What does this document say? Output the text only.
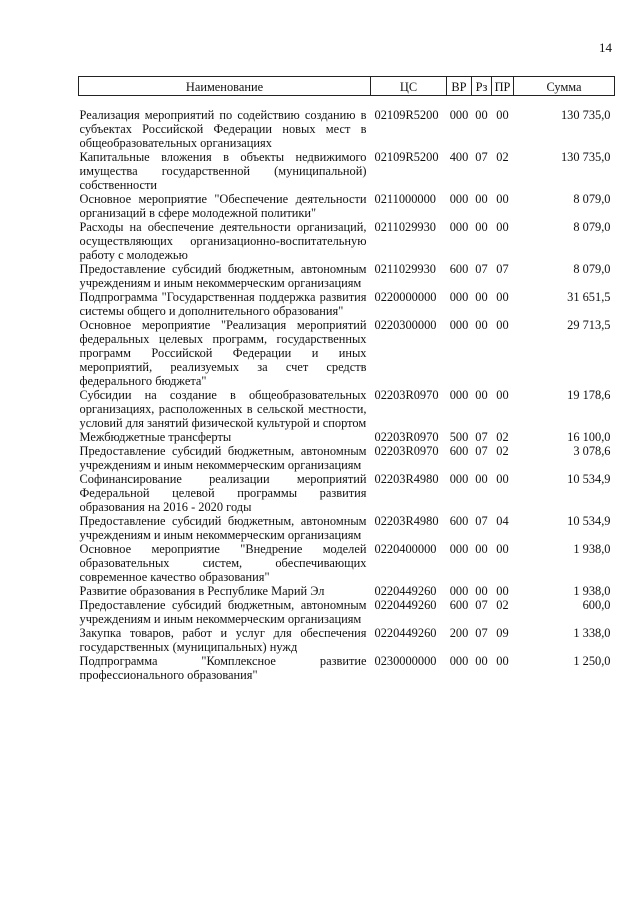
14
Наименование	ЦС	ВР	Рз	ПР	Сумма
Реализация мероприятий по содействию созданию в субъектах Российской Федерации новых мест в общеобразовательных организациях	02109R5200	000	00	00	130 735,0
Капитальные вложения в объекты недвижимого имущества государственной (муниципальной) собственности	02109R5200	400	07	02	130 735,0
Основное мероприятие "Обеспечение деятельности организаций в сфере молодежной политики"	0211000000	000	00	00	8 079,0
Расходы на обеспечение деятельности организаций, осуществляющих организационно-воспитательную работу с молодежью	0211029930	000	00	00	8 079,0
Предоставление субсидий бюджетным, автономным учреждениям и иным некоммерческим организациям	0211029930	600	07	07	8 079,0
Подпрограмма "Государственная поддержка развития системы общего и дополнительного образования"	0220000000	000	00	00	31 651,5
Основное мероприятие "Реализация мероприятий федеральных целевых программ, государственных программ Российской Федерации и иных мероприятий, реализуемых за счет средств федерального бюджета"	0220300000	000	00	00	29 713,5
Субсидии на создание в общеобразовательных организациях, расположенных в сельской местности, условий для занятий физической культурой и спортом	02203R0970	000	00	00	19 178,6
Межбюджетные трансферты	02203R0970	500	07	02	16 100,0
Предоставление субсидий бюджетным, автономным учреждениям и иным некоммерческим организациям	02203R0970	600	07	02	3 078,6
Софинансирование реализации мероприятий Федеральной целевой программы развития образования на 2016 - 2020 годы	02203R4980	000	00	00	10 534,9
Предоставление субсидий бюджетным, автономным учреждениям и иным некоммерческим организациям	02203R4980	600	07	04	10 534,9
Основное мероприятие "Внедрение моделей образовательных систем, обеспечивающих современное качество образования"	0220400000	000	00	00	1 938,0
Развитие образования в Республике Марий Эл	0220449260	000	00	00	1 938,0
Предоставление субсидий бюджетным, автономным учреждениям и иным некоммерческим организациям	0220449260	600	07	02	600,0
Закупка товаров, работ и услуг для обеспечения государственных (муниципальных) нужд	0220449260	200	07	09	1 338,0
Подпрограмма "Комплексное развитие профессионального образования"	0230000000	000	00	00	1 250,0
